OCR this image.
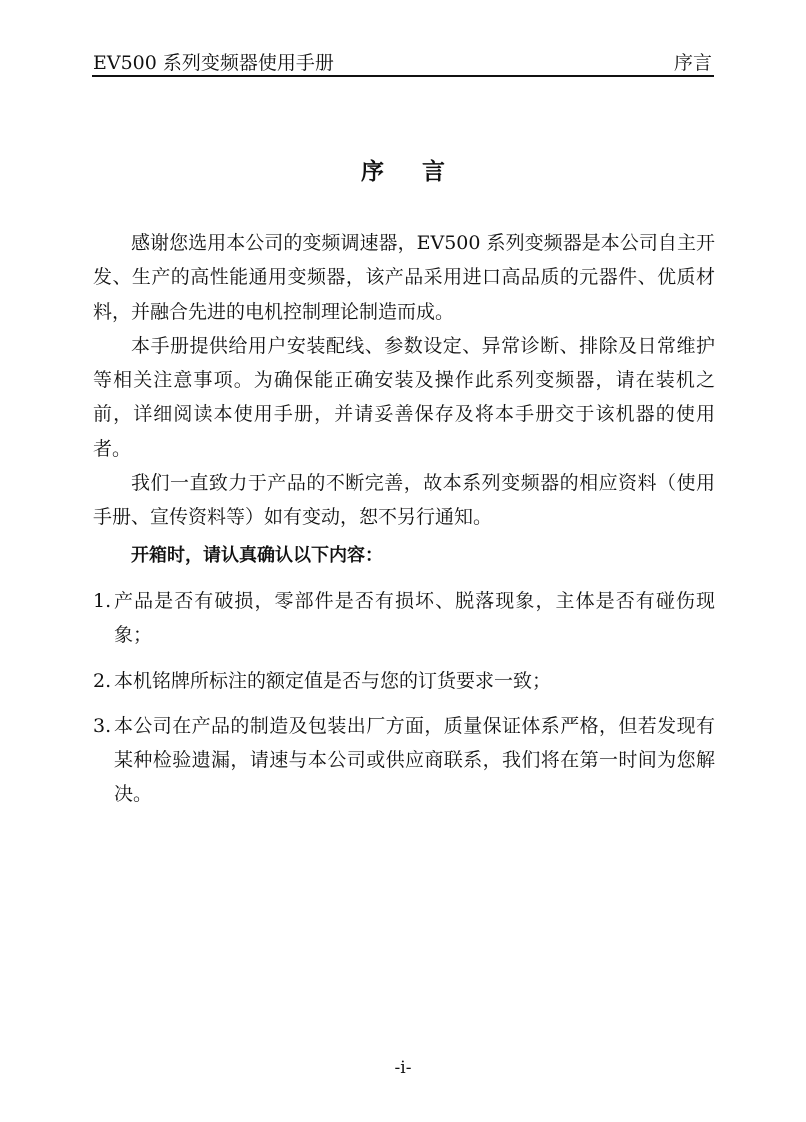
EV500 系列变频器使用手册	序言
序言

感谢您选用本公司的变频调速器，EV500 系列变频器是本公司自主开发、生产的高性能通用变频器，该产品采用进口高品质的元器件、优质材料，并融合先进的电机控制理论制造而成。

本手册提供给用户安装配线、参数设定、异常诊断、排除及日常维护等相关注意事项。为确保能正确安装及操作此系列变频器，请在装机之前，详细阅读本使用手册，并请妥善保存及将本手册交于该机器的使用者。

我们一直致力于产品的不断完善，故本系列变频器的相应资料（使用手册、宣传资料等）如有变动，恕不另行通知。

开箱时，请认真确认以下内容：
1. 产品是否有破损，零部件是否有损坏、脱落现象，主体是否有碰伤现象；
2. 本机铭牌所标注的额定值是否与您的订货要求一致；
3. 本公司在产品的制造及包装出厂方面，质量保证体系严格，但若发现有某种检验遗漏，请速与本公司或供应商联系，我们将在第一时间为您解决。
-i-
